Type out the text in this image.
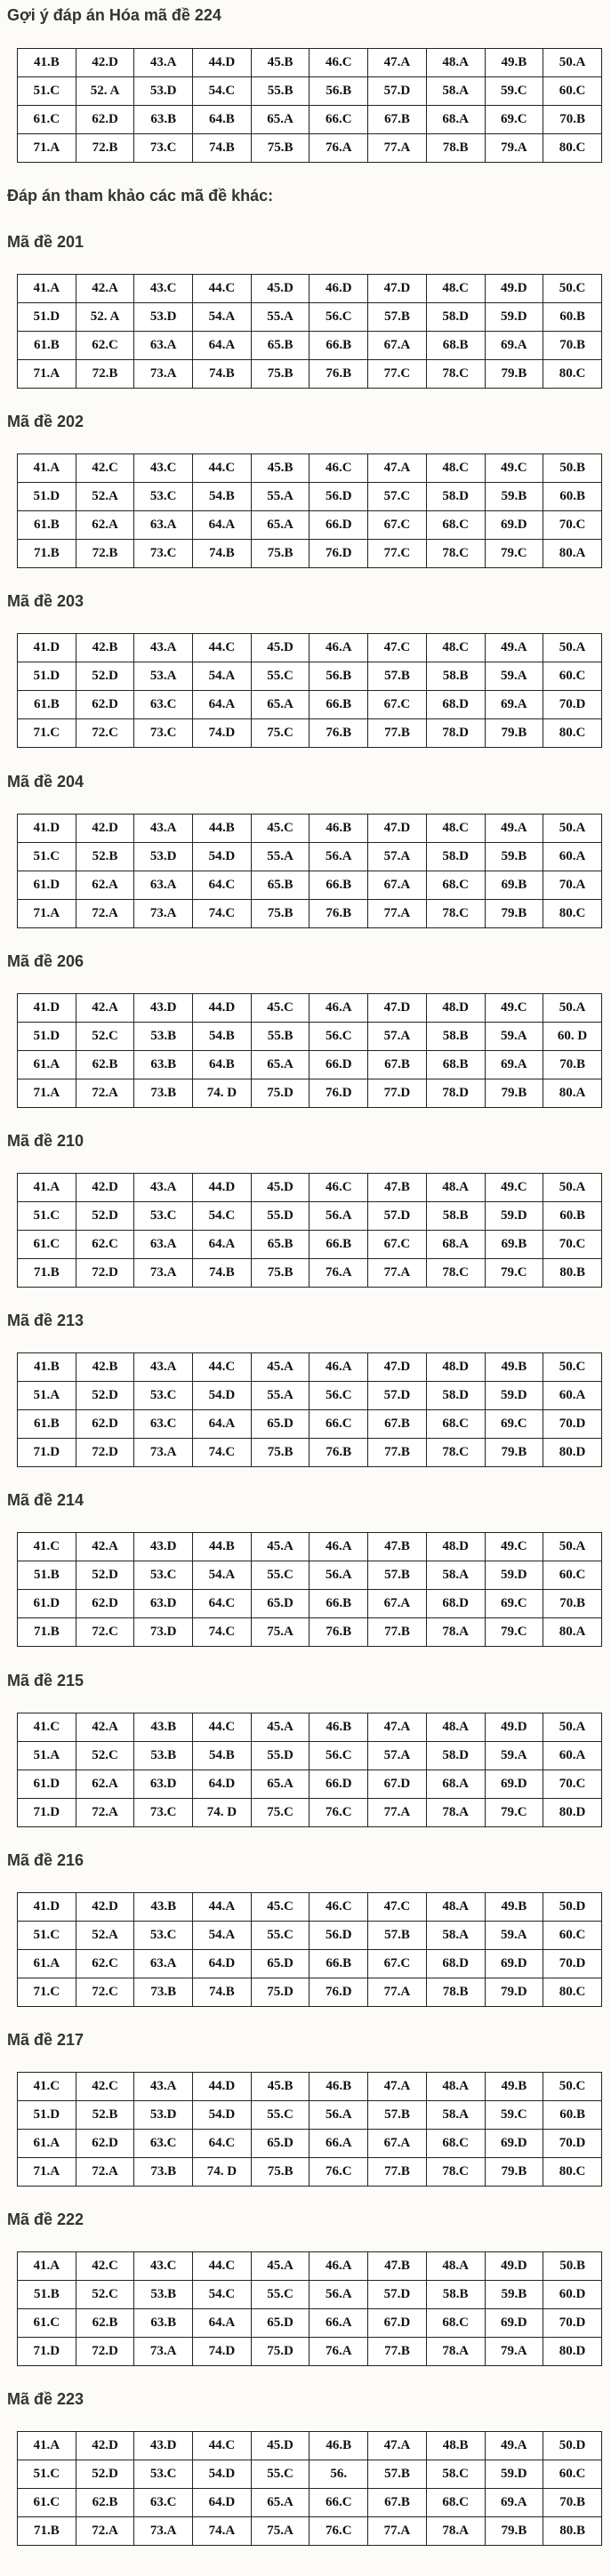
Gợi ý đáp án Hóa mã đề 224
41.B	42.D	43.A	44.D	45.B	46.C	47.A	48.A	49.B	50.A
51.C	52. A	53.D	54.C	55.B	56.B	57.D	58.A	59.C	60.C
61.C	62.D	63.B	64.B	65.A	66.C	67.B	68.A	69.C	70.B
71.A	72.B	73.C	74.B	75.B	76.A	77.A	78.B	79.A	80.C
Đáp án tham khảo các mã đề khác:
Mã đề 201
41.A	42.A	43.C	44.C	45.D	46.D	47.D	48.C	49.D	50.C
51.D	52. A	53.D	54.A	55.A	56.C	57.B	58.D	59.D	60.B
61.B	62.C	63.A	64.A	65.B	66.B	67.A	68.B	69.A	70.B
71.A	72.B	73.A	74.B	75.B	76.B	77.C	78.C	79.B	80.C
Mã đề 202
41.A	42.C	43.C	44.C	45.B	46.C	47.A	48.C	49.C	50.B
51.D	52.A	53.C	54.B	55.A	56.D	57.C	58.D	59.B	60.B
61.B	62.A	63.A	64.A	65.A	66.D	67.C	68.C	69.D	70.C
71.B	72.B	73.C	74.B	75.B	76.D	77.C	78.C	79.C	80.A
Mã đề 203
41.D	42.B	43.A	44.C	45.D	46.A	47.C	48.C	49.A	50.A
51.D	52.D	53.A	54.A	55.C	56.B	57.B	58.B	59.A	60.C
61.B	62.D	63.C	64.A	65.A	66.B	67.C	68.D	69.A	70.D
71.C	72.C	73.C	74.D	75.C	76.B	77.B	78.D	79.B	80.C
Mã đề 204
41.D	42.D	43.A	44.B	45.C	46.B	47.D	48.C	49.A	50.A
51.C	52.B	53.D	54.D	55.A	56.A	57.A	58.D	59.B	60.A
61.D	62.A	63.A	64.C	65.B	66.B	67.A	68.C	69.B	70.A
71.A	72.A	73.A	74.C	75.B	76.B	77.A	78.C	79.B	80.C
Mã đề 206
41.D	42.A	43.D	44.D	45.C	46.A	47.D	48.D	49.C	50.A
51.D	52.C	53.B	54.B	55.B	56.C	57.A	58.B	59.A	60. D
61.A	62.B	63.B	64.B	65.A	66.D	67.B	68.B	69.A	70.B
71.A	72.A	73.B	74. D	75.D	76.D	77.D	78.D	79.B	80.A
Mã đề 210
41.A	42.D	43.A	44.D	45.D	46.C	47.B	48.A	49.C	50.A
51.C	52.D	53.C	54.C	55.D	56.A	57.D	58.B	59.D	60.B
61.C	62.C	63.A	64.A	65.B	66.B	67.C	68.A	69.B	70.C
71.B	72.D	73.A	74.B	75.B	76.A	77.A	78.C	79.C	80.B
Mã đề 213
41.B	42.B	43.A	44.C	45.A	46.A	47.D	48.D	49.B	50.C
51.A	52.D	53.C	54.D	55.A	56.C	57.D	58.D	59.D	60.A
61.B	62.D	63.C	64.A	65.D	66.C	67.B	68.C	69.C	70.D
71.D	72.D	73.A	74.C	75.B	76.B	77.B	78.C	79.B	80.D
Mã đề 214
41.C	42.A	43.D	44.B	45.A	46.A	47.B	48.D	49.C	50.A
51.B	52.D	53.C	54.A	55.C	56.A	57.B	58.A	59.D	60.C
61.D	62.D	63.D	64.C	65.D	66.B	67.A	68.D	69.C	70.B
71.B	72.C	73.D	74.C	75.A	76.B	77.B	78.A	79.C	80.A
Mã đề 215
41.C	42.A	43.B	44.C	45.A	46.B	47.A	48.A	49.D	50.A
51.A	52.C	53.B	54.B	55.D	56.C	57.A	58.D	59.A	60.A
61.D	62.A	63.D	64.D	65.A	66.D	67.D	68.A	69.D	70.C
71.D	72.A	73.C	74. D	75.C	76.C	77.A	78.A	79.C	80.D
Mã đề 216
41.D	42.D	43.B	44.A	45.C	46.C	47.C	48.A	49.B	50.D
51.C	52.A	53.C	54.A	55.C	56.D	57.B	58.A	59.A	60.C
61.A	62.C	63.A	64.D	65.D	66.B	67.C	68.D	69.D	70.D
71.C	72.C	73.B	74.B	75.D	76.D	77.A	78.B	79.D	80.C
Mã đề 217
41.C	42.C	43.A	44.D	45.B	46.B	47.A	48.A	49.B	50.C
51.D	52.B	53.D	54.D	55.C	56.A	57.B	58.A	59.C	60.B
61.A	62.D	63.C	64.C	65.D	66.A	67.A	68.C	69.D	70.D
71.A	72.A	73.B	74. D	75.B	76.C	77.B	78.C	79.B	80.C
Mã đề 222
41.A	42.C	43.C	44.C	45.A	46.A	47.B	48.A	49.D	50.B
51.B	52.C	53.B	54.C	55.C	56.A	57.D	58.B	59.B	60.D
61.C	62.B	63.B	64.A	65.D	66.A	67.D	68.C	69.D	70.D
71.D	72.D	73.A	74.D	75.D	76.A	77.B	78.A	79.A	80.D
Mã đề 223
41.A	42.D	43.D	44.C	45.D	46.B	47.A	48.B	49.A	50.D
51.C	52.D	53.C	54.D	55.C	56.	57.B	58.C	59.D	60.C
61.C	62.B	63.C	64.D	65.A	66.C	67.B	68.C	69.A	70.B
71.B	72.A	73.A	74.A	75.A	76.C	77.A	78.A	79.B	80.B
